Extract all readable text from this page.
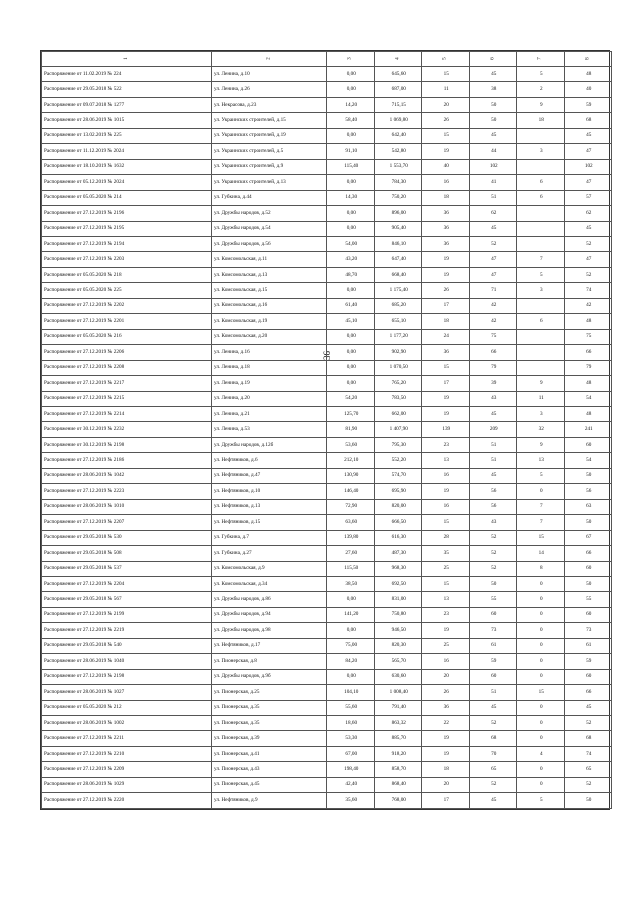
36
1	2	3	4	5	6	7	8

Распоряжение от 11.02.2019 № 224	ул. Ленина, д.10	0,00	645,60	15	45	5	48

Распоряжение от 29.05.2018 № 522	ул. Ленина, д.26	0,00	687,00	11	38	2	40

Распоряжение от 09.07.2018 № 1277	ул. Некрасова, д.23	14,20	715,15	20	50	9	59

Распоряжение от 28.06.2019 № 1015	ул. Украинских строителей, д.15	58,40	1 069,80	26	50	18	68

Распоряжение от 13.02.2019 № 225	ул. Украинских строителей, д.19	0,00	642,40	15	45		45

Распоряжение от 11.12.2019 № 2024	ул. Украинских строителей, д.5	91,10	542,80	19	44	3	47

Распоряжение от 18.10.2019 № 1632	ул. Украинских строителей, д.9	115,40	1 553,70	40	102		102

Распоряжение от 05.12.2019 № 2024	ул. Украинских строителей, д.13	0,00	784,30	16	41	6	47

Распоряжение от 05.05.2020 № 214	ул. Губкина, д.44	14,30	750,20	18	51	6	57

Распоряжение от 27.12.2019 № 2196	ул. Дружбы народов, д.52	0,00	896,00	36	62		62

Распоряжение от 27.12.2019 № 2195	ул. Дружбы народов, д.54	0,00	905,40	36	45		45

Распоряжение от 27.12.2019 № 2194	ул. Дружбы народов, д.56	54,00	846,10	36	52		52

Распоряжение от 27.12.2019 № 2203	ул. Комсомольская, д.11	43,20	647,40	19	47	7	47

Распоряжение от 05.05.2020 № 218	ул. Комсомольская, д.13	48,70	668,40	19	47	5	52

Распоряжение от 05.05.2020 № 225	ул. Комсомольская, д.15	0,00	1 175,40	26	71	3	74

Распоряжение от 27.12.2019 № 2202	ул. Комсомольская, д.16	61,40	685,20	17	42		42

Распоряжение от 27.12.2019 № 2201	ул. Комсомольская, д.19	45,10	655,10	18	42	6	48

Распоряжение от 05.05.2020 № 216	ул. Комсомольская, д.20	0,00	1 177,20	24	75		75

Распоряжение от 27.12.2019 № 2206	ул. Ленина, д.16	0,00	902,90	36	66		66

Распоряжение от 27.12.2019 № 2208	ул. Ленина, д.18	0,00	1 070,50	15	79		79

Распоряжение от 27.12.2019 № 2217	ул. Ленина, д.19	0,00	765,20	17	39	9	48

Распоряжение от 27.12.2019 № 2215	ул. Ленина, д.20	54,20	783,50	19	43	11	54

Распоряжение от 27.12.2019 № 2214	ул. Ленина, д.21	125,70	662,00	19	45	3	48

Распоряжение от 30.12.2019 № 2232	ул. Ленина, д.53	81,90	1 407,90	139	209	32	241

Распоряжение от 30.12.2019 № 2198	ул. Дружбы народов, д.12б	53,60	795,30	23	51	9	60

Распоряжение от 27.12.2019 № 2186	ул. Нефтяников, д.6	212,10	552,20	13	51	13	54

Распоряжение от 28.06.2019 № 1042	ул. Нефтяников, д.47	130,90	574,70	16	45	5	50

Распоряжение от 27.12.2019 № 2223	ул. Нефтяников, д.10	146,40	695,90	19	56	0	56

Распоряжение от 28.06.2019 № 1010	ул. Нефтяников, д.13	72,90	820,00	16	56	7	63

Распоряжение от 27.12.2019 № 2207	ул. Нефтяников, д.15	63,60	666,50	15	43	7	50

Распоряжение от 29.05.2018 № 530	ул. Губкина, д.7	139,80	616,30	28	52	15	67

Распоряжение от 29.05.2018 № 508	ул. Губкина, д.27	27,60	487,30	35	52	14	66

Распоряжение от 29.05.2018 № 537	ул. Комсомольская, д.9	115,50	968,30	25	52	8	60

Распоряжение от 27.12.2019 № 2204	ул. Комсомольская, д.34	38,50	692,50	15	50	0	50

Распоряжение от 29.05.2018 № 567	ул. Дружбы народов, д.86	0,00	831,00	13	55	0	55

Распоряжение от 27.12.2019 № 2199	ул. Дружбы народов, д.94	141,20	750,80	23	60	0	60

Распоряжение от 27.12.2019 № 2219	ул. Дружбы народов, д.98	0,00	946,50	19	73	0	73

Распоряжение от 29.05.2018 № 540	ул. Нефтяников, д.17	75,00	820,30	25	61	0	61

Распоряжение от 28.06.2019 № 1040	ул. Пионерская, д.8	84,20	565,70	16	59	0	59

Распоряжение от 27.12.2019 № 2198	ул. Дружбы народов, д.9б	0,00	630,60	20	60	0	60

Распоряжение от 28.06.2019 № 1027	ул. Пионерская, д.25	104,10	1 008,40	26	51	15	66

Распоряжение от 05.05.2020 № 212	ул. Пионерская, д.35	55,60	791,40	36	45	0	45

Распоряжение от 28.06.2019 № 1002	ул. Пионерская, д.35	18,60	863,32	22	52	0	52

Распоряжение от 27.12.2019 № 2211	ул. Пионерская, д.39	53,30	885,70	19	68	0	68

Распоряжение от 27.12.2019 № 2210	ул. Пионерская, д.41	67,00	918,20	19	70	4	74

Распоряжение от 27.12.2019 № 2209	ул. Пионерская, д.43	198,40	858,70	18	65	0	65

Распоряжение от 28.06.2019 № 1029	ул. Пионерская, д.45	42,40	868,40	20	52	0	52

Распоряжение от 27.12.2019 № 2220	ул. Нефтяников, д.9	35,60	768,00	17	45	5	50
